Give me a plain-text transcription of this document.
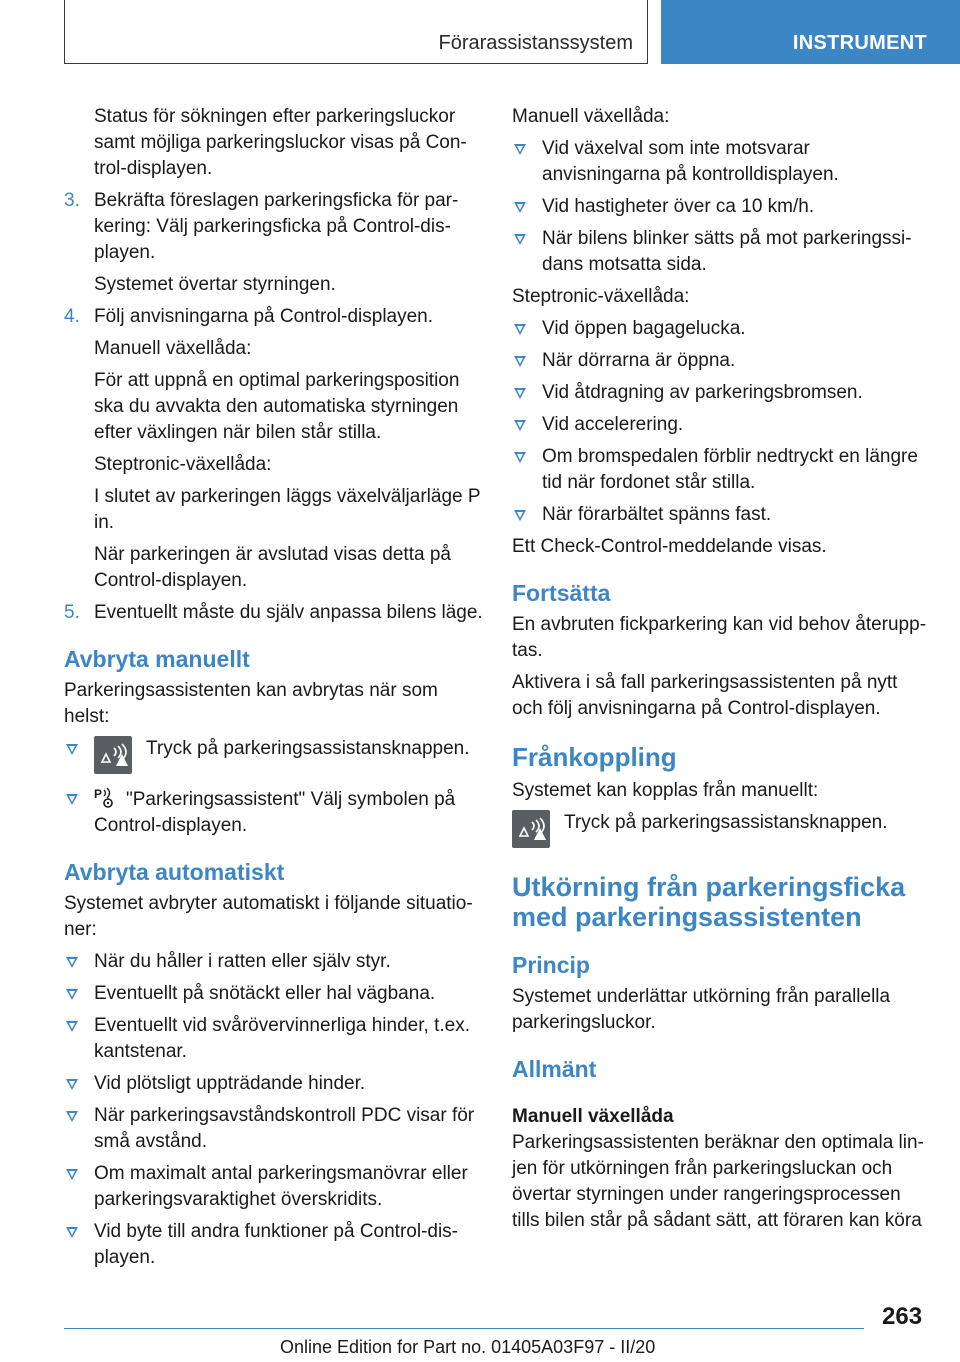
Förarassistanssystem	INSTRUMENT

Status för sökningen efter parkeringsluckor samt möjliga parkeringsluckor visas på Con-trol-displayen.

3. Bekräfta föreslagen parkeringsficka för par-kering: Välj parkeringsficka på Control-dis-playen.

Systemet övertar styrningen.

4. Följ anvisningarna på Control-displayen.

Manuell växellåda:

För att uppnå en optimal parkeringsposition ska du avvakta den automatiska styrningen efter växlingen när bilen står stilla.

Steptronic-växellåda:

I slutet av parkeringen läggs växelväljarläge P in.

När parkeringen är avslutad visas detta på Control-displayen.

5. Eventuellt måste du själv anpassa bilens läge.

Avbryta manuellt

Parkeringsassistenten kan avbrytas när som helst:

Tryck på parkeringsassistansknappen.
P "Parkeringsassistent" Välj symbolen på Control-displayen.
Avbryta automatiskt

Systemet avbryter automatiskt i följande situatio-ner:

När du håller i ratten eller själv styr.
Eventuellt på snötäckt eller hal vägbana.
Eventuellt vid svårövervinnerliga hinder, t.ex. kantstenar.
Vid plötsligt uppträdande hinder.
När parkeringsavståndskontroll PDC visar för små avstånd.
Om maximalt antal parkeringsmanövrar eller parkeringsvaraktighet överskridits.
Vid byte till andra funktioner på Control-dis-playen.

Manuell växellåda:

Vid växelval som inte motsvarar anvisningarna på kontrolldisplayen.
Vid hastigheter över ca 10 km/h.
När bilens blinker sätts på mot parkeringssi-dans motsatta sida.

Steptronic-växellåda:

Vid öppen bagagelucka.
När dörrarna är öppna.
Vid åtdragning av parkeringsbromsen.
Vid accelerering.
Om bromspedalen förblir nedtryckt en längre tid när fordonet står stilla.
När förarbältet spänns fast.

Ett Check-Control-meddelande visas.

Fortsätta

En avbruten fickparkering kan vid behov återupp-tas.

Aktivera i så fall parkeringsassistenten på nytt och följ anvisningarna på Control-displayen.

Frånkoppling

Systemet kan kopplas från manuellt:

Tryck på parkeringsassistansknappen.
Utkörning från parkeringsficka med parkeringsassistenten
Princip

Systemet underlättar utkörning från parallella parkeringsluckor.

Allmänt
Manuell växellåda

Parkeringsassistenten beräknar den optimala lin-jen för utkörningen från parkeringsluckan och övertar styrningen under rangeringsprocessen tills bilen står på sådant sätt, att föraren kan köra

263
Online Edition for Part no. 01405A03F97 - II/20
